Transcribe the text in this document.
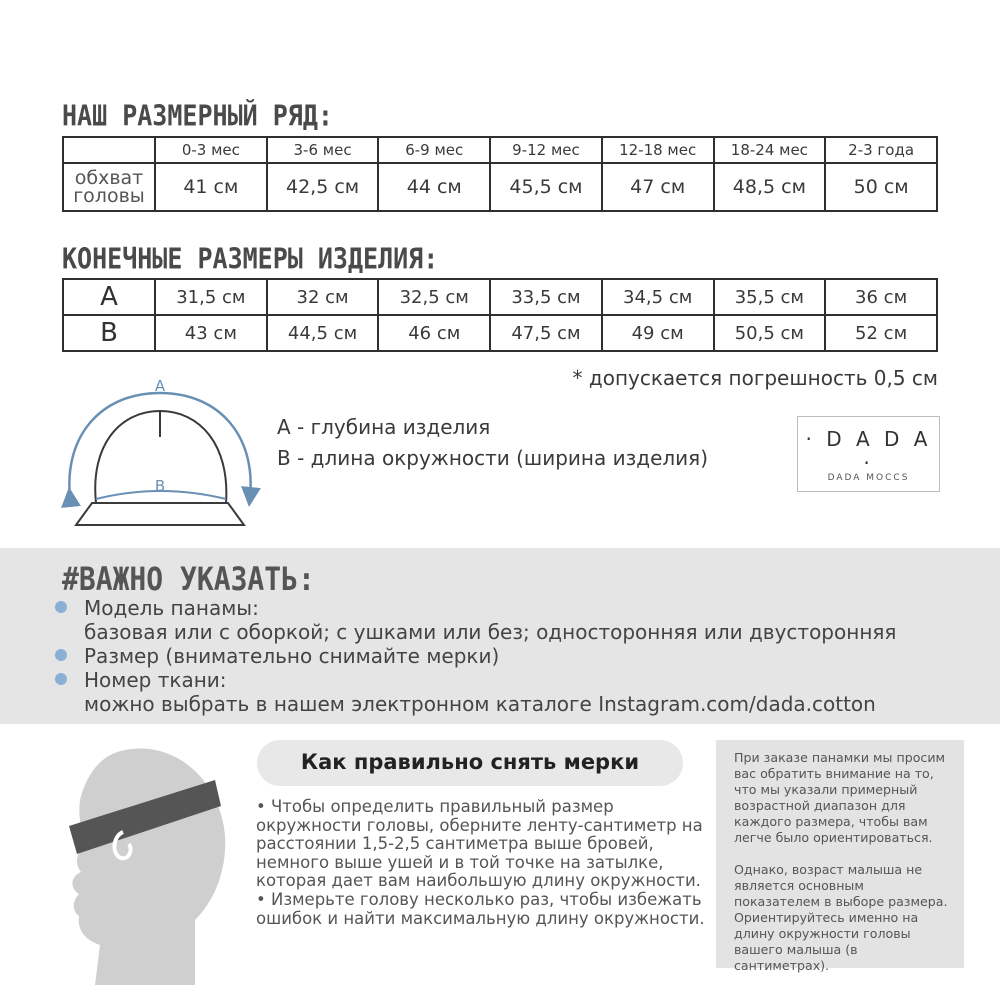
НАШ РАЗМЕРНЫЙ РЯД:
	0-3 мес	3-6 мес	6-9 мес	9-12 мес	12-18 мес	18-24 мес	2-3 года

обхват
головы	41 см	42,5 см	44 см	45,5 см	47 см	48,5 см	50 см
КОНЕЧНЫЕ РАЗМЕРЫ ИЗДЕЛИЯ:
A	31,5 см	32 см	32,5 см	33,5 см	34,5 см	35,5 см	36 см
B	43 см	44,5 см	46 см	47,5 см	49 см	50,5 см	52 см
* допускается погрешность 0,5 см
A
B
A - глубина изделия
B - длина окружности (ширина изделия)
· D A D A ·
DADA MOCCS
#ВАЖНО УКАЗАТЬ:
Модель панамы:
базовая или с оборкой; с ушками или без; односторонняя или двусторонняя
Размер (внимательно снимайте мерки)
Номер ткани:
можно выбрать в нашем электронном каталоге Instagram.com/dada.cotton
Как правильно снять мерки

• Чтобы определить правильный размер окружности головы, оберните ленту-сантиметр на расстоянии 1,5-2,5 сантиметра выше бровей, немного выше ушей и в той точке на затылке, которая дает вам наибольшую длину окружности.

• Измерьте голову несколько раз, чтобы избежать ошибок и найти максимальную длину окружности.

При заказе панамки мы просим вас обратить внимание на то, что мы указали примерный возрастной диапазон для каждого размера, чтобы вам легче было ориентироваться.

Однако, возраст малыша не является основным показателем в выборе размера. Ориентируйтесь именно на длину окружности головы вашего малыша (в сантиметрах).
